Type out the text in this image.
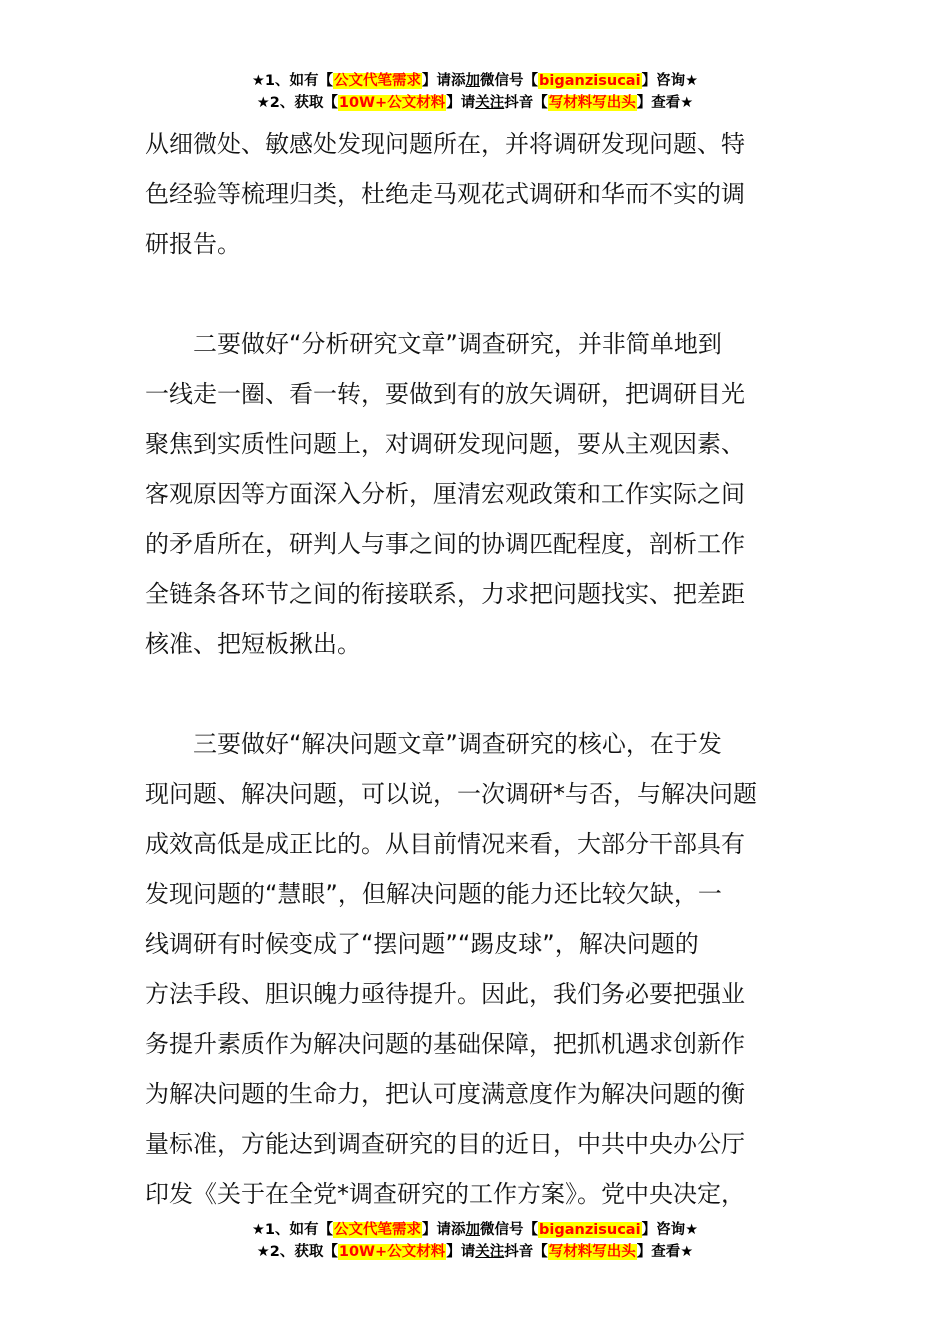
★1、如有【公文代笔需求】请添加微信号【biganzisucai】咨询★
★2、获取【10W+公文材料】请关注抖音【写材料写出头】查看★

从细微处、敏感处发现问题所在，并将调研发现问题、特
色经验等梳理归类，杜绝走马观花式调研和华而不实的调
研报告。

二要做好“分析研究文章”调查研究，并非简单地到
一线走一圈、看一转，要做到有的放矢调研，把调研目光
聚焦到实质性问题上，对调研发现问题，要从主观因素、
客观原因等方面深入分析，厘清宏观政策和工作实际之间
的矛盾所在，研判人与事之间的协调匹配程度，剖析工作
全链条各环节之间的衔接联系，力求把问题找实、把差距
核准、把短板揪出。

三要做好“解决问题文章”调查研究的核心，在于发
现问题、解决问题，可以说，一次调研*与否，与解决问题
成效高低是成正比的。从目前情况来看，大部分干部具有
发现问题的“慧眼”，但解决问题的能力还比较欠缺，一
线调研有时候变成了“摆问题”“踢皮球”，解决问题的
方法手段、胆识魄力亟待提升。因此，我们务必要把强业
务提升素质作为解决问题的基础保障，把抓机遇求创新作
为解决问题的生命力，把认可度满意度作为解决问题的衡
量标准，方能达到调查研究的目的近日，中共中央办公厅
印发《关于在全党*调查研究的工作方案》。党中央决定，

★1、如有【公文代笔需求】请添加微信号【biganzisucai】咨询★
★2、获取【10W+公文材料】请关注抖音【写材料写出头】查看★
